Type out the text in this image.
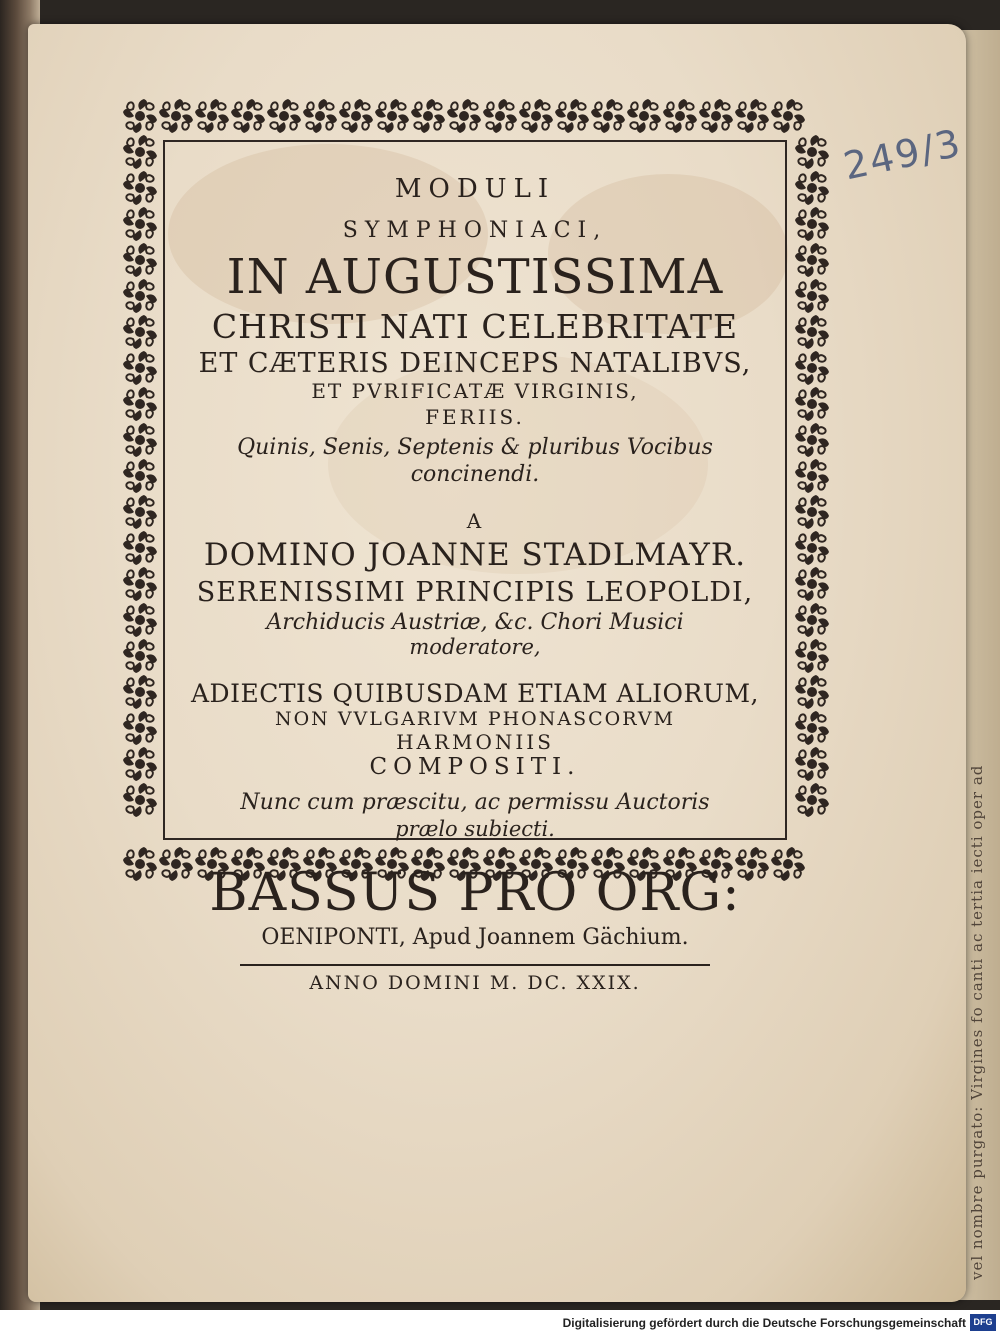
vel nombre purgato: Virgines fo canti ac tertia iecti oper ad
249/3
MODULI
SYMPHONIACI,
IN AUGUSTISSIMA
CHRISTI NATI CELEBRITATE
ET CÆTERIS DEINCEPS NATALIBVS,
ET PVRIFICATÆ VIRGINIS,
FERIIS.
Quinis, Senis, Septenis & pluribus Vocibus
concinendi.
A
DOMINO JOANNE STADLMAYR.
SERENISSIMI PRINCIPIS LEOPOLDI,
Archiducis Austriæ, &c. Chori Musici
moderatore,
ADIECTIS QUIBUSDAM ETIAM ALIORUM,
NON VVLGARIVM PHONASCORVM
HARMONIIS
COMPOSITI.
Nunc cum præscitu, ac permissu Auctoris
prælo subiecti.
BASSUS PRO ORG:
OENIPONTI, Apud Joannem Gächium.
ANNO DOMINI M. DC. XXIX.
Digitalisierung gefördert durch die Deutsche Forschungsgemeinschaft DFG
